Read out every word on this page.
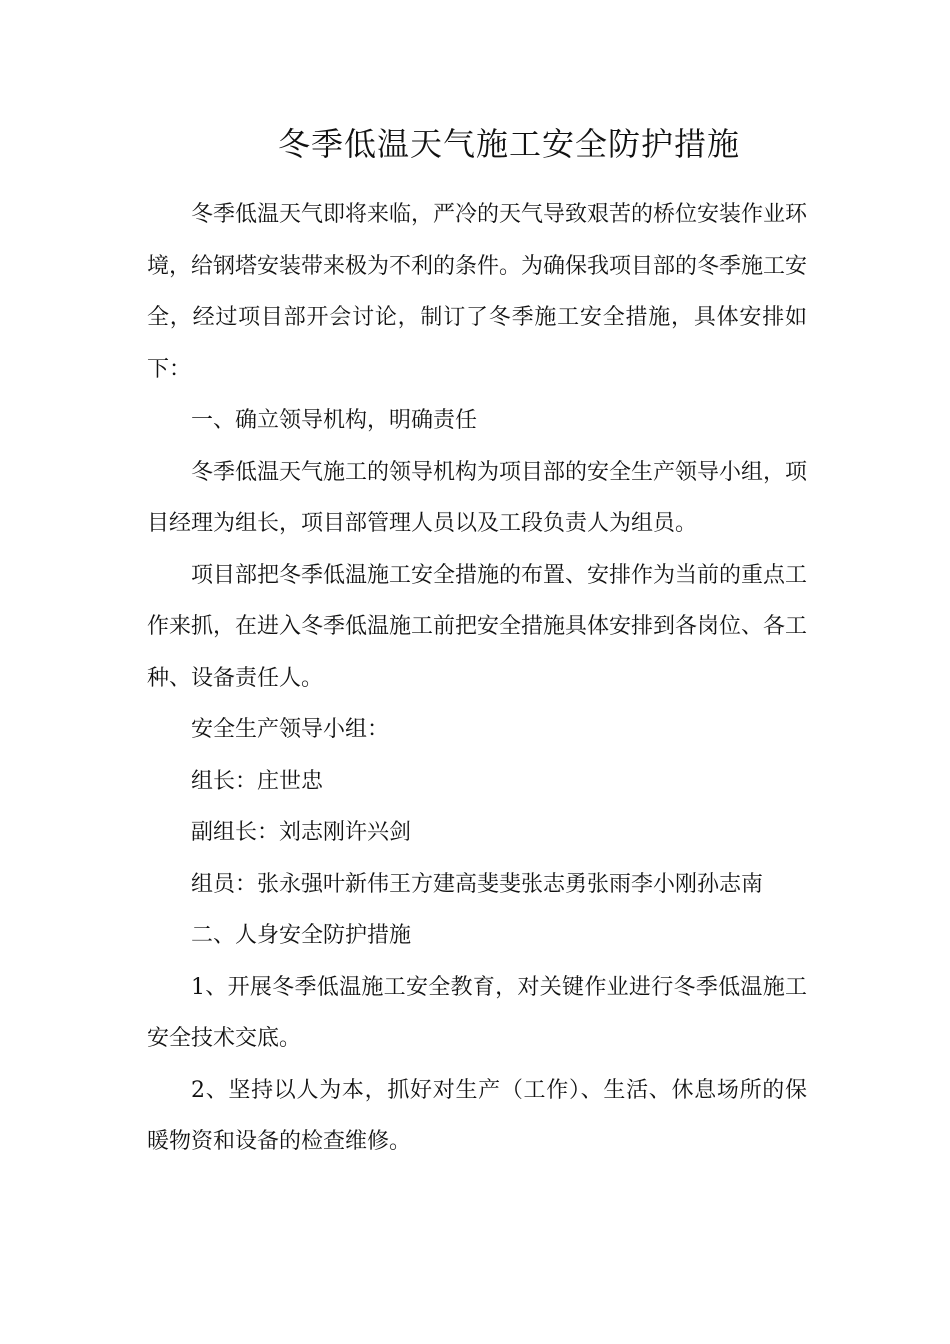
冬季低温天气施工安全防护措施

冬季低温天气即将来临，严冷的天气导致艰苦的桥位安装作业环境，给钢塔安装带来极为不利的条件。为确保我项目部的冬季施工安全，经过项目部开会讨论，制订了冬季施工安全措施，具体安排如下：

一、确立领导机构，明确责任

冬季低温天气施工的领导机构为项目部的安全生产领导小组，项目经理为组长，项目部管理人员以及工段负责人为组员。

项目部把冬季低温施工安全措施的布置、安排作为当前的重点工作来抓，在进入冬季低温施工前把安全措施具体安排到各岗位、各工种、设备责任人。

安全生产领导小组：

组长：庄世忠

副组长：刘志刚许兴剑

组员：张永强叶新伟王方建高斐斐张志勇张雨李小刚孙志南

二、人身安全防护措施

1、开展冬季低温施工安全教育，对关键作业进行冬季低温施工安全技术交底。

2、坚持以人为本，抓好对生产（工作）、生活、休息场所的保暖物资和设备的检查维修。
